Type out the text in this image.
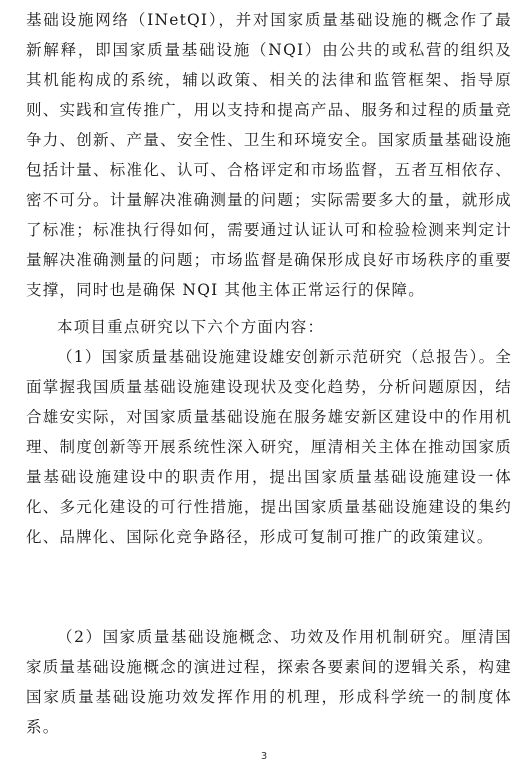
基础设施网络（INetQI），并对国家质量基础设施的概念作了最新解释，即国家质量基础设施（NQI）由公共的或私营的组织及其机能构成的系统，辅以政策、相关的法律和监管框架、指导原则、实践和宣传推广，用以支持和提高产品、服务和过程的质量竞争力、创新、产量、安全性、卫生和环境安全。国家质量基础设施包括计量、标准化、认可、合格评定和市场监督，五者互相依存、密不可分。计量解决准确测量的问题；实际需要多大的量，就形成了标准；标准执行得如何，需要通过认证认可和检验检测来判定计量解决准确测量的问题；市场监督是确保形成良好市场秩序的重要支撑，同时也是确保 NQI 其他主体正常运行的保障。

本项目重点研究以下六个方面内容：

（1）国家质量基础设施建设雄安创新示范研究（总报告）。全面掌握我国质量基础设施建设现状及变化趋势，分析问题原因，结合雄安实际，对国家质量基础设施在服务雄安新区建设中的作用机理、制度创新等开展系统性深入研究，厘清相关主体在推动国家质量基础设施建设中的职责作用，提出国家质量基础设施建设一体化、多元化建设的可行性措施，提出国家质量基础设施建设的集约化、品牌化、国际化竞争路径，形成可复制可推广的政策建议。

（2）国家质量基础设施概念、功效及作用机制研究。厘清国家质量基础设施概念的演进过程，探索各要素间的逻辑关系，构建国家质量基础设施功效发挥作用的机理，形成科学统一的制度体系。

3
